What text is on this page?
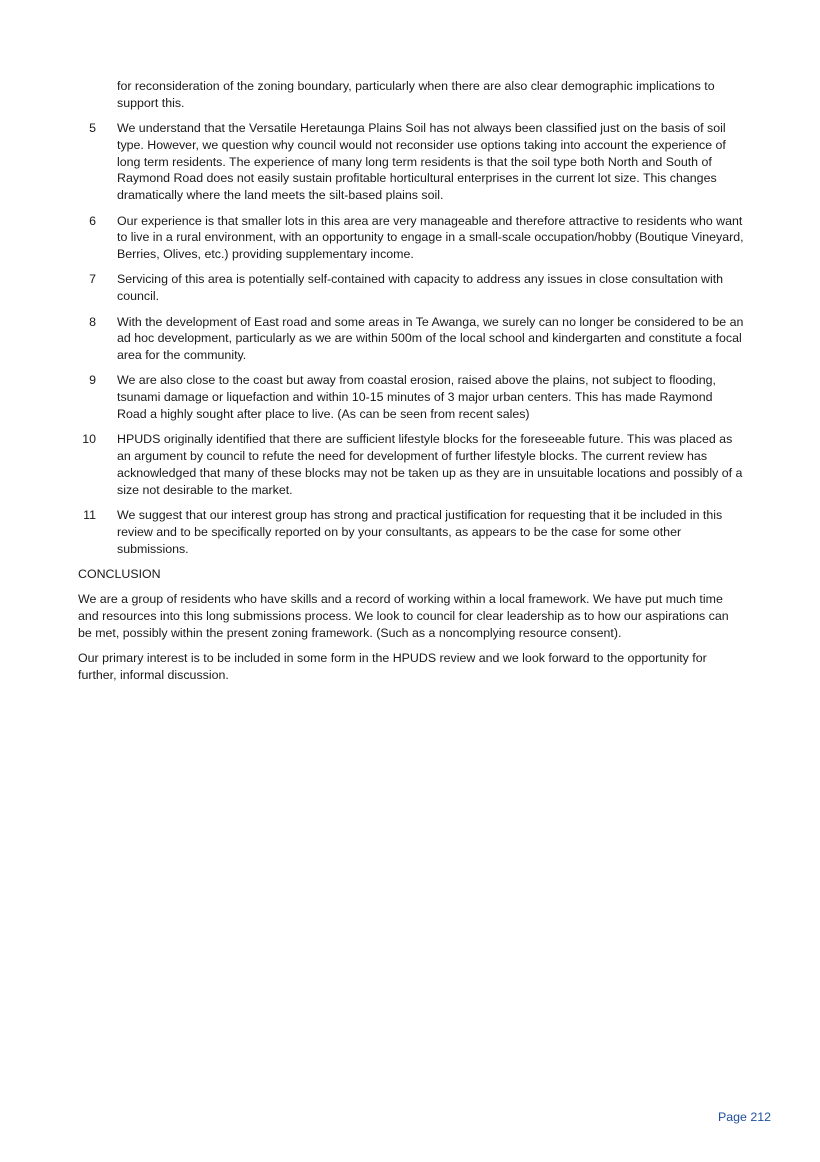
for reconsideration of the zoning boundary, particularly when there are also clear demographic implications to support this.
5 We understand that the Versatile Heretaunga Plains Soil has not always been classified just on the basis of soil type. However, we question why council would not reconsider use options taking into account the experience of long term residents. The experience of many long term residents is that the soil type both North and South of Raymond Road does not easily sustain profitable horticultural enterprises in the current lot size. This changes dramatically where the land meets the silt-based plains soil.
6 Our experience is that smaller lots in this area are very manageable and therefore attractive to residents who want to live in a rural environment, with an opportunity to engage in a small-scale occupation/hobby (Boutique Vineyard, Berries, Olives, etc.) providing supplementary income.
7 Servicing of this area is potentially self-contained with capacity to address any issues in close consultation with council.
8 With the development of East road and some areas in Te Awanga, we surely can no longer be considered to be an ad hoc development, particularly as we are within 500m of the local school and kindergarten and constitute a focal area for the community.
9 We are also close to the coast but away from coastal erosion, raised above the plains, not subject to flooding, tsunami damage or liquefaction and within 10-15 minutes of 3 major urban centers. This has made Raymond Road a highly sought after place to live. (As can be seen from recent sales)
10 HPUDS originally identified that there are sufficient lifestyle blocks for the foreseeable future. This was placed as an argument by council to refute the need for development of further lifestyle blocks. The current review has acknowledged that many of these blocks may not be taken up as they are in unsuitable locations and possibly of a size not desirable to the market.
11 We suggest that our interest group has strong and practical justification for requesting that it be included in this review and to be specifically reported on by your consultants, as appears to be the case for some other submissions.
CONCLUSION

We are a group of residents who have skills and a record of working within a local framework. We have put much time and resources into this long submissions process. We look to council for clear leadership as to how our aspirations can be met, possibly within the present zoning framework. (Such as a noncomplying resource consent).

Our primary interest is to be included in some form in the HPUDS review and we look forward to the opportunity for further, informal discussion.

Page 212
